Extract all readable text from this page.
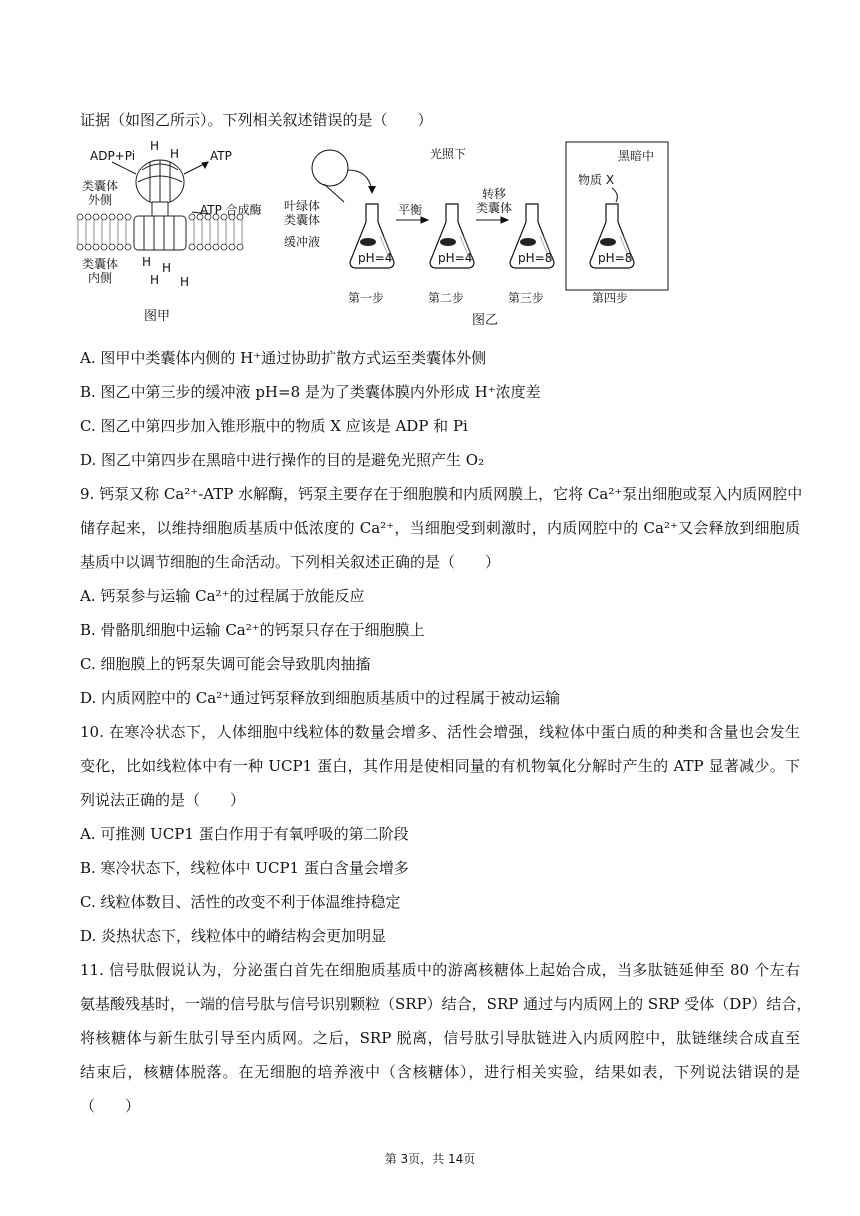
证据（如图乙所示）。下列相关叙述错误的是（　　）
ADP+Pi	ATP
H
H
类囊体
外侧
ATP 合成酶
类囊体
内侧
H H
H H
图甲
光照下	黑暗中
叶绿体
类囊体
缓冲液
pH=4	pH=4	pH=8	pH=8
平衡
转移
类囊体
物质 X
第一步	第二步	第三步	第四步
图乙
A. 图甲中类囊体内侧的 H⁺通过协助扩散方式运至类囊体外侧
B. 图乙中第三步的缓冲液 pH=8 是为了类囊体膜内外形成 H⁺浓度差
C. 图乙中第四步加入锥形瓶中的物质 X 应该是 ADP 和 Pi
D. 图乙中第四步在黑暗中进行操作的目的是避免光照产生 O₂
9. 钙泵又称 Ca²⁺-ATP 水解酶，钙泵主要存在于细胞膜和内质网膜上，它将 Ca²⁺泵出细胞或泵入内质网腔中
储存起来，以维持细胞质基质中低浓度的 Ca²⁺，当细胞受到刺激时，内质网腔中的 Ca²⁺又会释放到细胞质
基质中以调节细胞的生命活动。下列相关叙述正确的是（　　）
A. 钙泵参与运输 Ca²⁺的过程属于放能反应
B. 骨骼肌细胞中运输 Ca²⁺的钙泵只存在于细胞膜上
C. 细胞膜上的钙泵失调可能会导致肌肉抽搐
D. 内质网腔中的 Ca²⁺通过钙泵释放到细胞质基质中的过程属于被动运输
10. 在寒冷状态下，人体细胞中线粒体的数量会增多、活性会增强，线粒体中蛋白质的种类和含量也会发生
变化，比如线粒体中有一种 UCP1 蛋白，其作用是使相同量的有机物氧化分解时产生的 ATP 显著减少。下
列说法正确的是（　　）
A. 可推测 UCP1 蛋白作用于有氧呼吸的第二阶段
B. 寒冷状态下，线粒体中 UCP1 蛋白含量会增多
C. 线粒体数目、活性的改变不利于体温维持稳定
D. 炎热状态下，线粒体中的嵴结构会更加明显
11. 信号肽假说认为，分泌蛋白首先在细胞质基质中的游离核糖体上起始合成，当多肽链延伸至 80 个左右
氨基酸残基时，一端的信号肽与信号识别颗粒（SRP）结合，SRP 通过与内质网上的 SRP 受体（DP）结合，
将核糖体与新生肽引导至内质网。之后，SRP 脱离，信号肽引导肽链进入内质网腔中，肽链继续合成直至
结束后，核糖体脱落。在无细胞的培养液中（含核糖体），进行相关实验，结果如表，下列说法错误的是
（　　）
第 3页，共 14页
